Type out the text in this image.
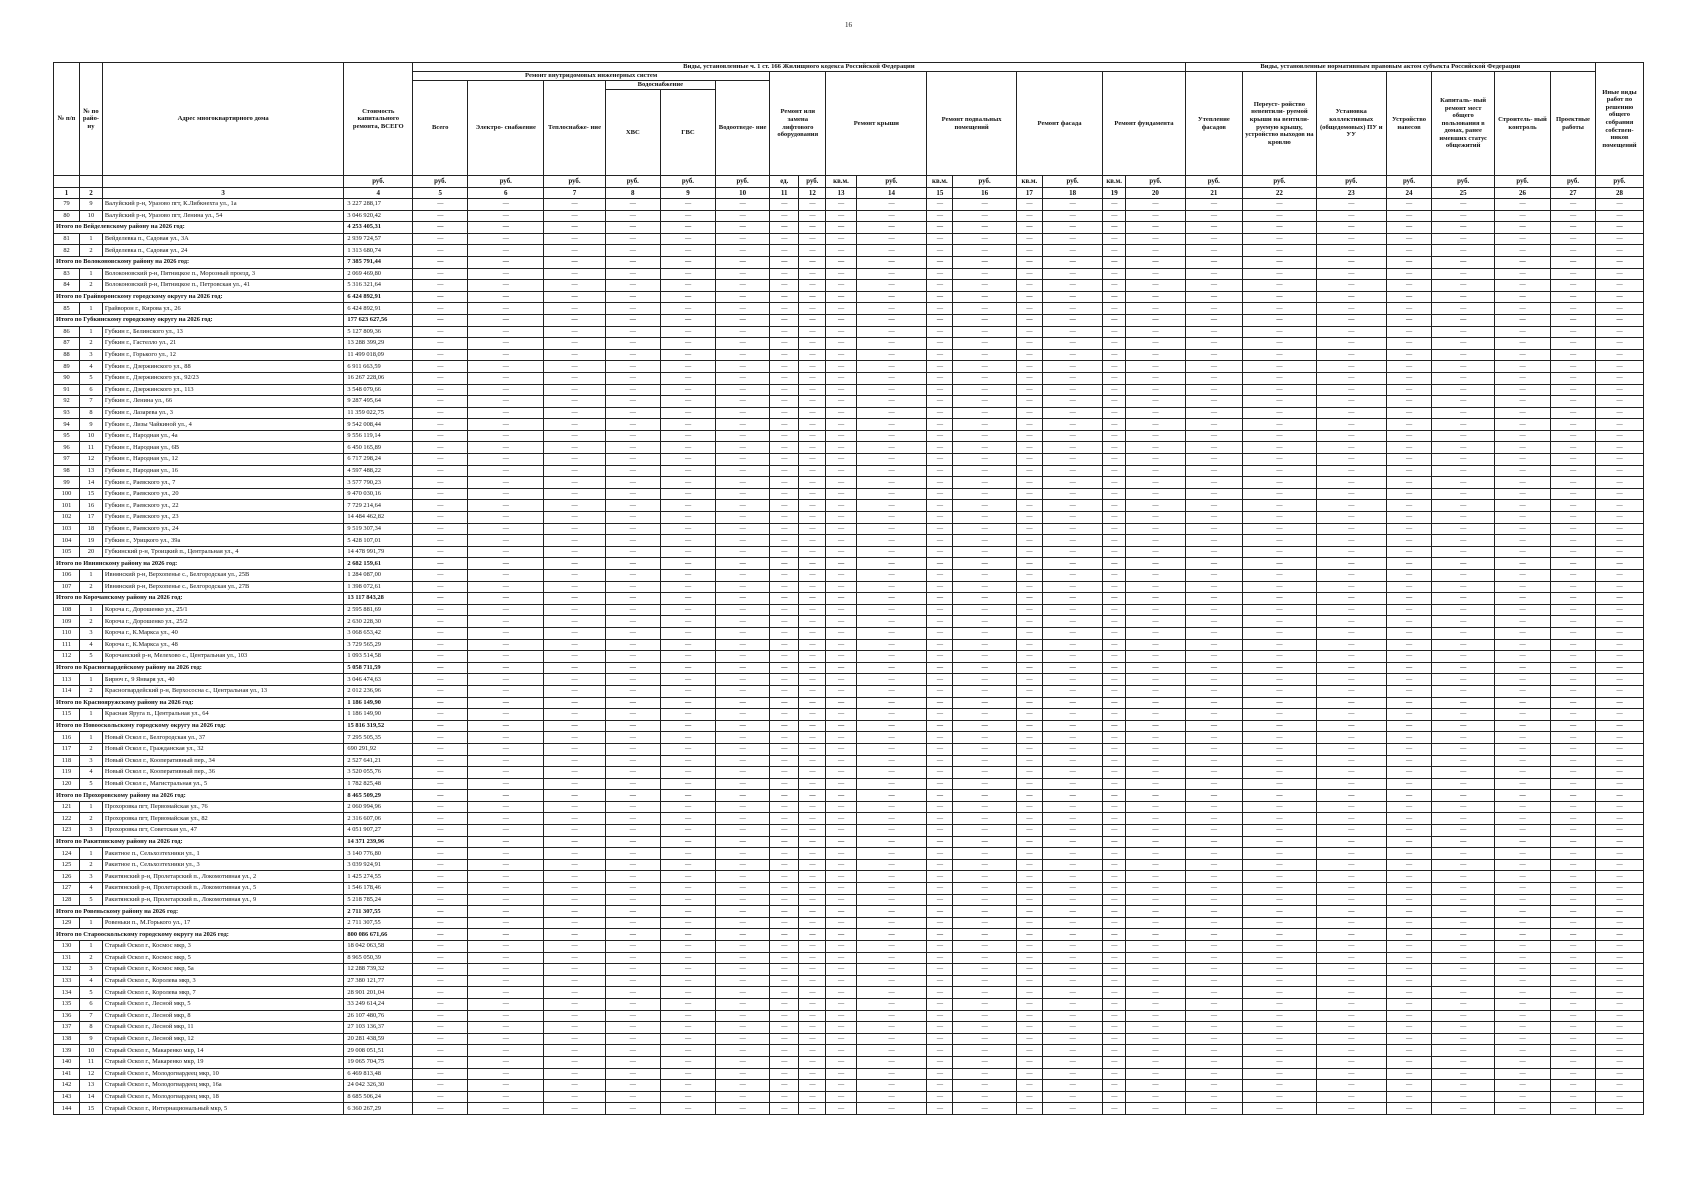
16
№ п/п	№ по райо- ну	Адрес многоквартирного дома	Стоимость капитального ремонта, ВСЕГО	Виды, установленные ч. 1 ст. 166 Жилищного кодекса Российской Федерации																Виды, установленные нормативным правовым актом субъекта Российской Федерации							Иные виды работ по решению общего собрания собствен- ников помещений
				Ремонт внутридомовых инженерных систем						Ремонт или замена лифтового оборудования		Ремонт крыши		Ремонт подвальных помещений		Ремонт фасада		Ремонт фундамента		Утепление фасадов	Переуст- ройство невентили- руемой крыши на вентили- руемую крышу, устройство выходов на кровлю	Установка коллективных (общедомовых) ПУ и УУ	Устройство навесов	Капиталь- ный ремонт мест общего пользования в домах, ранее имевших статус общежитий	Строитель- ный контроль	Проектные работы	
				Всего	Электро- снабжение	Теплоснабже- ние	Водоснабжение		Водоотведе- ние																		
							ХВС	ГВС																			
			руб.	руб.	руб.	руб.	руб.	руб.	руб.	ед.	руб.	кв.м.	руб.	кв.м.	руб.	кв.м.	руб.	кв.м.	руб.	руб.	руб.	руб.	руб.	руб.	руб.	руб.	руб.
1	2	3	4	5	6	7	8	9	10	11	12	13	14	15	16	17	18	19	20	21	22	23	24	25	26	27	28
79	9	Валуйский р-н, Уразово пгт, К.Либкнехта ул., 1а	3 227 288,17	—	—	—	—	—	—	—	—	—	—	—	—	—	—	—	—	—	—	—	—	—	—	—	—
80	10	Валуйский р-н, Уразово пгт, Ленина ул., 54	3 046 920,42	—	—	—	—	—	—	—	—	—	—	—	—	—	—	—	—	—	—	—	—	—	—	—	—
Итого по Вейделевскому району на 2026 год:			4 253 405,31	—	—	—	—	—	—	—	—	—	—	—	—	—	—	—	—	—	—	—	—	—	—	—	—
81	1	Вейделевка п., Садовая ул., 3А	2 939 724,57	—	—	—	—	—	—	—	—	—	—	—	—	—	—	—	—	—	—	—	—	—	—	—	—
82	2	Вейделевка п., Садовая ул., 24	1 313 680,74	—	—	—	—	—	—	—	—	—	—	—	—	—	—	—	—	—	—	—	—	—	—	—	—
Итого по Волоконовскому району на 2026 год:			7 385 791,44	—	—	—	—	—	—	—	—	—	—	—	—	—	—	—	—	—	—	—	—	—	—	—	—
83	1	Волоконовский р-н, Пятницкое п., Морозный проезд, 3	2 069 469,80	—	—	—	—	—	—	—	—	—	—	—	—	—	—	—	—	—	—	—	—	—	—	—	—
84	2	Волоконовский р-н, Пятницкое п., Петровская ул., 41	5 316 321,64	—	—	—	—	—	—	—	—	—	—	—	—	—	—	—	—	—	—	—	—	—	—	—	—
Итого по Грайворонскому городскому округу на 2026 год:			6 424 892,91	—	—	—	—	—	—	—	—	—	—	—	—	—	—	—	—	—	—	—	—	—	—	—	—
85	1	Грайворон г., Кирова ул., 26	6 424 892,91	—	—	—	—	—	—	—	—	—	—	—	—	—	—	—	—	—	—	—	—	—	—	—	—
Итого по Губкинскому городскому округу на 2026 год:			177 623 627,56	—	—	—	—	—	—	—	—	—	—	—	—	—	—	—	—	—	—	—	—	—	—	—	—
86	1	Губкин г., Белинского ул., 13	5 127 809,36	—	—	—	—	—	—	—	—	—	—	—	—	—	—	—	—	—	—	—	—	—	—	—	—
87	2	Губкин г., Гастелло ул., 21	13 288 399,29	—	—	—	—	—	—	—	—	—	—	—	—	—	—	—	—	—	—	—	—	—	—	—	—
88	3	Губкин г., Горького ул., 12	11 499 018,09	—	—	—	—	—	—	—	—	—	—	—	—	—	—	—	—	—	—	—	—	—	—	—	—
89	4	Губкин г., Дзержинского ул., 88	6 911 663,59	—	—	—	—	—	—	—	—	—	—	—	—	—	—	—	—	—	—	—	—	—	—	—	—
90	5	Губкин г., Дзержинского ул., 92/23	16 267 228,06	—	—	—	—	—	—	—	—	—	—	—	—	—	—	—	—	—	—	—	—	—	—	—	—
91	6	Губкин г., Дзержинского ул., 113	3 548 079,66	—	—	—	—	—	—	—	—	—	—	—	—	—	—	—	—	—	—	—	—	—	—	—	—
92	7	Губкин г., Ленина ул., 66	9 287 495,64	—	—	—	—	—	—	—	—	—	—	—	—	—	—	—	—	—	—	—	—	—	—	—	—
93	8	Губкин г., Лазарева ул., 3	11 359 022,75	—	—	—	—	—	—	—	—	—	—	—	—	—	—	—	—	—	—	—	—	—	—	—	—
94	9	Губкин г., Лизы Чайкиной ул., 4	9 542 008,44	—	—	—	—	—	—	—	—	—	—	—	—	—	—	—	—	—	—	—	—	—	—	—	—
95	10	Губкин г., Народная ул., 4а	9 556 119,14	—	—	—	—	—	—	—	—	—	—	—	—	—	—	—	—	—	—	—	—	—	—	—	—
96	11	Губкин г., Народная ул., 6В	6 450 165,89	—	—	—	—	—	—	—	—	—	—	—	—	—	—	—	—	—	—	—	—	—	—	—	—
97	12	Губкин г., Народная ул., 12	6 717 298,24	—	—	—	—	—	—	—	—	—	—	—	—	—	—	—	—	—	—	—	—	—	—	—	—
98	13	Губкин г., Народная ул., 16	4 597 488,22	—	—	—	—	—	—	—	—	—	—	—	—	—	—	—	—	—	—	—	—	—	—	—	—
99	14	Губкин г., Раевского ул., 7	3 577 790,23	—	—	—	—	—	—	—	—	—	—	—	—	—	—	—	—	—	—	—	—	—	—	—	—
100	15	Губкин г., Раевского ул., 20	9 470 030,16	—	—	—	—	—	—	—	—	—	—	—	—	—	—	—	—	—	—	—	—	—	—	—	—
101	16	Губкин г., Раевского ул., 22	7 729 214,64	—	—	—	—	—	—	—	—	—	—	—	—	—	—	—	—	—	—	—	—	—	—	—	—
102	17	Губкин г., Раевского ул., 23	14 484 462,82	—	—	—	—	—	—	—	—	—	—	—	—	—	—	—	—	—	—	—	—	—	—	—	—
103	18	Губкин г., Раевского ул., 24	9 519 307,34	—	—	—	—	—	—	—	—	—	—	—	—	—	—	—	—	—	—	—	—	—	—	—	—
104	19	Губкин г., Урицкого ул., 39а	5 428 107,01	—	—	—	—	—	—	—	—	—	—	—	—	—	—	—	—	—	—	—	—	—	—	—	—
105	20	Губкинский р-н, Троицкий п., Центральная ул., 4	14 478 991,79	—	—	—	—	—	—	—	—	—	—	—	—	—	—	—	—	—	—	—	—	—	—	—	—
Итого по Ивнянскому району на 2026 год:			2 682 159,61	—	—	—	—	—	—	—	—	—	—	—	—	—	—	—	—	—	—	—	—	—	—	—	—
106	1	Ивнянский р-н, Верхопенье с., Белгородская ул., 25В	1 284 087,00	—	—	—	—	—	—	—	—	—	—	—	—	—	—	—	—	—	—	—	—	—	—	—	—
107	2	Ивнянский р-н, Верхопенье с., Белгородская ул., 27В	1 398 072,61	—	—	—	—	—	—	—	—	—	—	—	—	—	—	—	—	—	—	—	—	—	—	—	—
Итого по Корочанскому району на 2026 год:			13 117 843,28	—	—	—	—	—	—	—	—	—	—	—	—	—	—	—	—	—	—	—	—	—	—	—	—
108	1	Короча г., Дорошенко ул., 25/1	2 595 881,69	—	—	—	—	—	—	—	—	—	—	—	—	—	—	—	—	—	—	—	—	—	—	—	—
109	2	Короча г., Дорошенко ул., 25/2	2 630 228,30	—	—	—	—	—	—	—	—	—	—	—	—	—	—	—	—	—	—	—	—	—	—	—	—
110	3	Короча г., К.Маркса ул., 40	3 068 653,42	—	—	—	—	—	—	—	—	—	—	—	—	—	—	—	—	—	—	—	—	—	—	—	—
111	4	Короча г., К.Маркса ул., 48	3 729 565,29	—	—	—	—	—	—	—	—	—	—	—	—	—	—	—	—	—	—	—	—	—	—	—	—
112	5	Корочанский р-н, Мелехово с., Центральная ул., 103	1 093 514,58	—	—	—	—	—	—	—	—	—	—	—	—	—	—	—	—	—	—	—	—	—	—	—	—
Итого по Красногвардейскому району на 2026 год:			5 058 711,59	—	—	—	—	—	—	—	—	—	—	—	—	—	—	—	—	—	—	—	—	—	—	—	—
113	1	Бирюч г., 9 Января ул., 40	3 046 474,63	—	—	—	—	—	—	—	—	—	—	—	—	—	—	—	—	—	—	—	—	—	—	—	—
114	2	Красногвардейский р-н, Верхососна с., Центральная ул., 13	2 012 236,96	—	—	—	—	—	—	—	—	—	—	—	—	—	—	—	—	—	—	—	—	—	—	—	—
Итого по Краснояружскому району на 2026 год:			1 186 149,90	—	—	—	—	—	—	—	—	—	—	—	—	—	—	—	—	—	—	—	—	—	—	—	—
115	1	Красная Яруга п., Центральная ул., 64	1 186 149,90	—	—	—	—	—	—	—	—	—	—	—	—	—	—	—	—	—	—	—	—	—	—	—	—
Итого по Новооскольскому городскому округу на 2026 год:			15 816 319,52	—	—	—	—	—	—	—	—	—	—	—	—	—	—	—	—	—	—	—	—	—	—	—	—
116	1	Новый Оскол г., Белгородская ул., 37	7 295 505,35	—	—	—	—	—	—	—	—	—	—	—	—	—	—	—	—	—	—	—	—	—	—	—	—
117	2	Новый Оскол г., Гражданская ул., 32	690 291,92	—	—	—	—	—	—	—	—	—	—	—	—	—	—	—	—	—	—	—	—	—	—	—	—
118	3	Новый Оскол г., Кооперативный пер., 34	2 527 641,21	—	—	—	—	—	—	—	—	—	—	—	—	—	—	—	—	—	—	—	—	—	—	—	—
119	4	Новый Оскол г., Кооперативный пер., 36	3 520 055,76	—	—	—	—	—	—	—	—	—	—	—	—	—	—	—	—	—	—	—	—	—	—	—	—
120	5	Новый Оскол г., Магистральная ул., 5	1 782 825,48	—	—	—	—	—	—	—	—	—	—	—	—	—	—	—	—	—	—	—	—	—	—	—	—
Итого по Прохоровскому району на 2026 год:			8 465 509,29	—	—	—	—	—	—	—	—	—	—	—	—	—	—	—	—	—	—	—	—	—	—	—	—
121	1	Прохоровка пгт, Первомайская ул., 76	2 060 994,96	—	—	—	—	—	—	—	—	—	—	—	—	—	—	—	—	—	—	—	—	—	—	—	—
122	2	Прохоровка пгт, Первомайская ул., 82	2 316 607,06	—	—	—	—	—	—	—	—	—	—	—	—	—	—	—	—	—	—	—	—	—	—	—	—
123	3	Прохоровка пгт, Советская ул., 47	4 051 907,27	—	—	—	—	—	—	—	—	—	—	—	—	—	—	—	—	—	—	—	—	—	—	—	—
Итого по Ракитянскому району на 2026 год:			14 371 239,96	—	—	—	—	—	—	—	—	—	—	—	—	—	—	—	—	—	—	—	—	—	—	—	—
124	1	Ракитное п., Сельхозтехники ул., 1	3 140 776,80	—	—	—	—	—	—	—	—	—	—	—	—	—	—	—	—	—	—	—	—	—	—	—	—
125	2	Ракитное п., Сельхозтехники ул., 3	3 039 924,91	—	—	—	—	—	—	—	—	—	—	—	—	—	—	—	—	—	—	—	—	—	—	—	—
126	3	Ракитянский р-н, Пролетарский п., Локомотивная ул., 2	1 425 274,55	—	—	—	—	—	—	—	—	—	—	—	—	—	—	—	—	—	—	—	—	—	—	—	—
127	4	Ракитянский р-н, Пролетарский п., Локомотивная ул., 5	1 546 178,46	—	—	—	—	—	—	—	—	—	—	—	—	—	—	—	—	—	—	—	—	—	—	—	—
128	5	Ракитянский р-н, Пролетарский п., Локомотивная ул., 9	5 218 785,24	—	—	—	—	—	—	—	—	—	—	—	—	—	—	—	—	—	—	—	—	—	—	—	—
Итого по Ровеньскому району на 2026 год:			2 711 307,55	—	—	—	—	—	—	—	—	—	—	—	—	—	—	—	—	—	—	—	—	—	—	—	—
129	1	Ровеньки п., М.Горького ул., 17	2 711 307,55	—	—	—	—	—	—	—	—	—	—	—	—	—	—	—	—	—	—	—	—	—	—	—	—
Итого по Старооскольскому городскому округу на 2026 год:			800 086 671,66	—	—	—	—	—	—	—	—	—	—	—	—	—	—	—	—	—	—	—	—	—	—	—	—
130	1	Старый Оскол г., Космос мкр, 3	18 042 063,58	—	—	—	—	—	—	—	—	—	—	—	—	—	—	—	—	—	—	—	—	—	—	—	—
131	2	Старый Оскол г., Космос мкр, 5	8 965 050,39	—	—	—	—	—	—	—	—	—	—	—	—	—	—	—	—	—	—	—	—	—	—	—	—
132	3	Старый Оскол г., Космос мкр, 5а	12 288 739,32	—	—	—	—	—	—	—	—	—	—	—	—	—	—	—	—	—	—	—	—	—	—	—	—
133	4	Старый Оскол г., Королева мкр, 3	27 380 121,77	—	—	—	—	—	—	—	—	—	—	—	—	—	—	—	—	—	—	—	—	—	—	—	—
134	5	Старый Оскол г., Королева мкр, 7	28 901 201,04	—	—	—	—	—	—	—	—	—	—	—	—	—	—	—	—	—	—	—	—	—	—	—	—
135	6	Старый Оскол г., Лесной мкр, 5	33 249 614,24	—	—	—	—	—	—	—	—	—	—	—	—	—	—	—	—	—	—	—	—	—	—	—	—
136	7	Старый Оскол г., Лесной мкр, 8	26 107 480,76	—	—	—	—	—	—	—	—	—	—	—	—	—	—	—	—	—	—	—	—	—	—	—	—
137	8	Старый Оскол г., Лесной мкр, 11	27 103 136,37	—	—	—	—	—	—	—	—	—	—	—	—	—	—	—	—	—	—	—	—	—	—	—	—
138	9	Старый Оскол г., Лесной мкр, 12	20 281 438,59	—	—	—	—	—	—	—	—	—	—	—	—	—	—	—	—	—	—	—	—	—	—	—	—
139	10	Старый Оскол г., Макаренко мкр, 14	29 008 051,51	—	—	—	—	—	—	—	—	—	—	—	—	—	—	—	—	—	—	—	—	—	—	—	—
140	11	Старый Оскол г., Макаренко мкр, 19	19 065 704,75	—	—	—	—	—	—	—	—	—	—	—	—	—	—	—	—	—	—	—	—	—	—	—	—
141	12	Старый Оскол г., Молодогвардеец мкр, 10	6 469 813,48	—	—	—	—	—	—	—	—	—	—	—	—	—	—	—	—	—	—	—	—	—	—	—	—
142	13	Старый Оскол г., Молодогвардеец мкр, 16а	24 042 326,30	—	—	—	—	—	—	—	—	—	—	—	—	—	—	—	—	—	—	—	—	—	—	—	—
143	14	Старый Оскол г., Молодогвардеец мкр, 18	8 685 506,24	—	—	—	—	—	—	—	—	—	—	—	—	—	—	—	—	—	—	—	—	—	—	—	—
144	15	Старый Оскол г., Интернациональный мкр, 5	6 360 267,29	—	—	—	—	—	—	—	—	—	—	—	—	—	—	—	—	—	—	—	—	—	—	—	—
